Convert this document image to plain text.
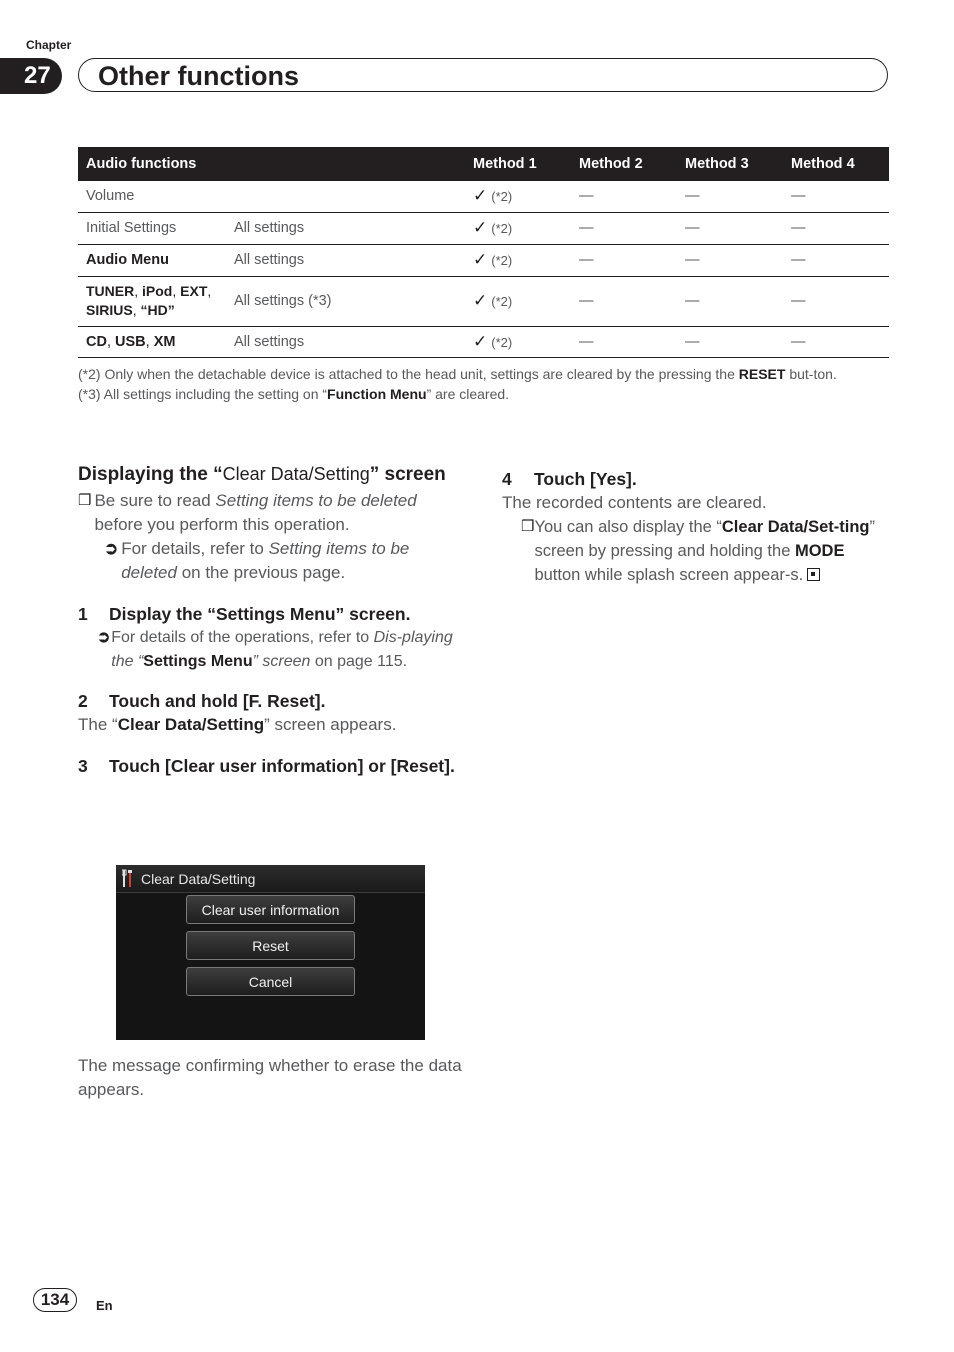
Chapter
27	Other functions
Audio functions		Method 1	Method 2	Method 3	Method 4
Volume		✓ (*2)	—	—	—
Initial Settings	All settings	✓ (*2)	—	—	—
Audio Menu	All settings	✓ (*2)	—	—	—
TUNER, iPod, EXT,
SIRIUS, “HD”	All settings (*3)	✓ (*2)	—	—	—
CD, USB, XM	All settings	✓ (*2)	—	—	—
(*2) Only when the detachable device is attached to the head unit, settings are cleared by the pressing the RESET but-ton.
(*3) All settings including the setting on “Function Menu” are cleared.
Displaying the “Clear Data/Setting” screen
❒ Be sure to read Setting items to be deleted before you perform this operation.
➲ For details, refer to Setting items to be deleted on the previous page.
1 Display the “Settings Menu” screen.
➲ For details of the operations, refer to Dis-playing the “Settings Menu” screen on page 115.
2 Touch and hold [F. Reset].
The “Clear Data/Setting” screen appears.
3 Touch [Clear user information] or [Reset].
Clear Data/Setting
Clear user information
Reset
Cancel
The message confirming whether to erase the data appears.
4 Touch [Yes].
The recorded contents are cleared.
❒ You can also display the “Clear Data/Set-ting” screen by pressing and holding the MODE button while splash screen appear-s.
134	En
